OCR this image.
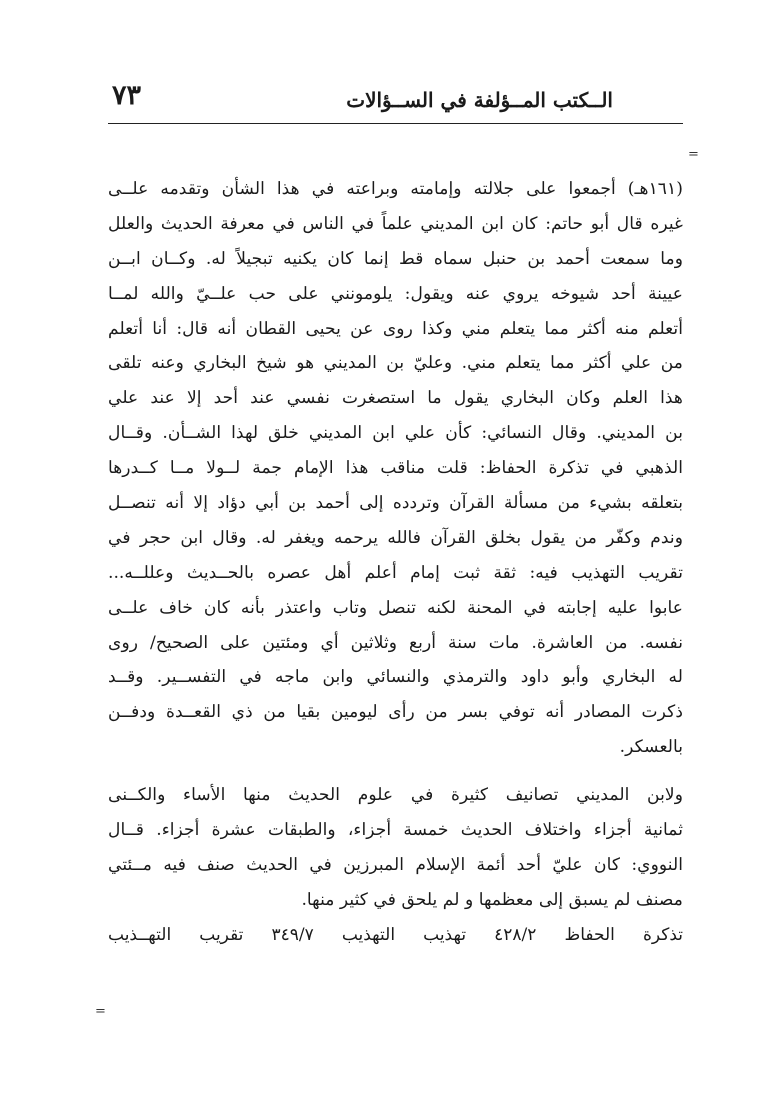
٧٣	الــكتب المــؤلفة في الســؤالات
=
(١٦١هـ) أجمعوا على جلالته وإمامته وبراعته في هذا الشأن وتقدمه علــى
غيره قال أبو حاتم: كان ابن المديني علماً في الناس في معرفة الحديث والعلل
وما سمعت أحمد بن حنبل سماه قط إنما كان يكنيه تبجيلاً له. وكــان ابــن
عيينة أحد شيوخه يروي عنه ويقول: يلومونني على حب علــيّ والله لمــا
أتعلم منه أكثر مما يتعلم مني وكذا روى عن يحيى القطان أنه قال: أنا أتعلم
من علي أكثر مما يتعلم مني. وعليّ بن المديني هو شيخ البخاري وعنه تلقى
هذا العلم وكان البخاري يقول ما استصغرت نفسي عند أحد إلا عند علي
بن المديني. وقال النسائي: كأن علي ابن المديني خلق لهذا الشــأن. وقــال
الذهبي في تذكرة الحفاظ: قلت مناقب هذا الإمام جمة لــولا مــا كــدرها
بتعلقه بشيء من مسألة القرآن وتردده إلى أحمد بن أبي دؤاد إلا أنه تنصــل
وندم وكفّر من يقول بخلق القرآن فالله يرحمه ويغفر له. وقال ابن حجر في
تقريب التهذيب فيه: ثقة ثبت إمام أعلم أهل عصره بالحــديث وعللــه...
عابوا عليه إجابته في المحنة لكنه تنصل وتاب واعتذر بأنه كان خاف علــى
نفسه. من العاشرة. مات سنة أربع وثلاثين أي ومئتين على الصحيح/ روى
له البخاري وأبو داود والترمذي والنسائي وابن ماجه في التفســير. وقــد
ذكرت المصادر أنه توفي بسر من رأى ليومين بقيا من ذي القعــدة ودفــن
بالعسكر.
ولابن المديني تصانيف كثيرة في علوم الحديث منها الأساء والكــنى
ثمانية أجزاء واختلاف الحديث خمسة أجزاء، والطبقات عشرة أجزاء. قــال
النووي: كان عليّ أحد أئمة الإسلام المبرزين في الحديث صنف فيه مــئتي
مصنف لم يسبق إلى معظمها و لم يلحق في كثير منها.
تذكرة الحفاظ ٤٢٨/٢ تهذيب التهذيب ٣٤٩/٧ تقريب التهــذيب
=
